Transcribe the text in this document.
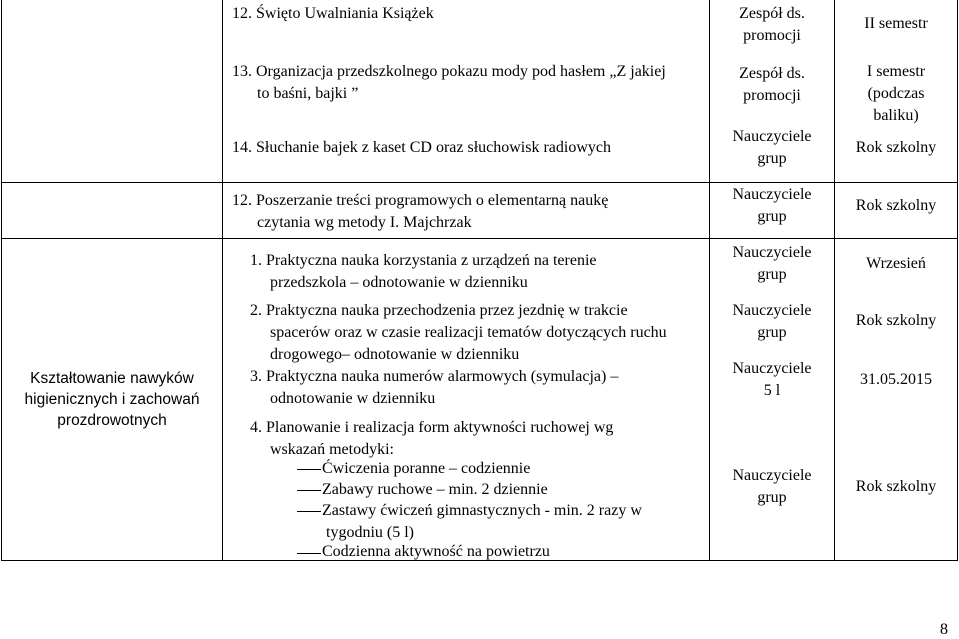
12. Święto Uwalniania Książek	Zespół ds.
promocji
II semestr
13. Organizacja przedszkolnego pokazu mody pod hasłem „Z jakiej
to baśni, bajki ”
Zespół ds.
promocji
I semestr
(podczas
baliku)
14. Słuchanie bajek z kaset CD oraz słuchowisk radiowych
Nauczyciele
grup
Rok szkolny
12. Poszerzanie treści programowych o elementarną naukę
czytania wg metody I. Majchrzak
Nauczyciele
grup
Rok szkolny
Kształtowanie nawyków
higienicznych i zachowań
prozdrowotnych
1. Praktyczna nauka korzystania z urządzeń na terenie
przedszkola – odnotowanie w dzienniku
Nauczyciele
grup
Wrzesień
2. Praktyczna nauka przechodzenia przez jezdnię w trakcie
spacerów oraz w czasie realizacji tematów dotyczących ruchu
drogowego– odnotowanie w dzienniku
Nauczyciele
grup
Rok szkolny
3. Praktyczna nauka numerów alarmowych (symulacja) –
odnotowanie w dzienniku
Nauczyciele
5 l
31.05.2015
4. Planowanie i realizacja form aktywności ruchowej wg
wskazań metodyki:
Ćwiczenia poranne – codziennie
Zabawy ruchowe – min. 2 dziennie
Zastawy ćwiczeń gimnastycznych - min. 2 razy w
tygodniu (5 l)
Codzienna aktywność na powietrzu
Nauczyciele
grup
Rok szkolny
8
